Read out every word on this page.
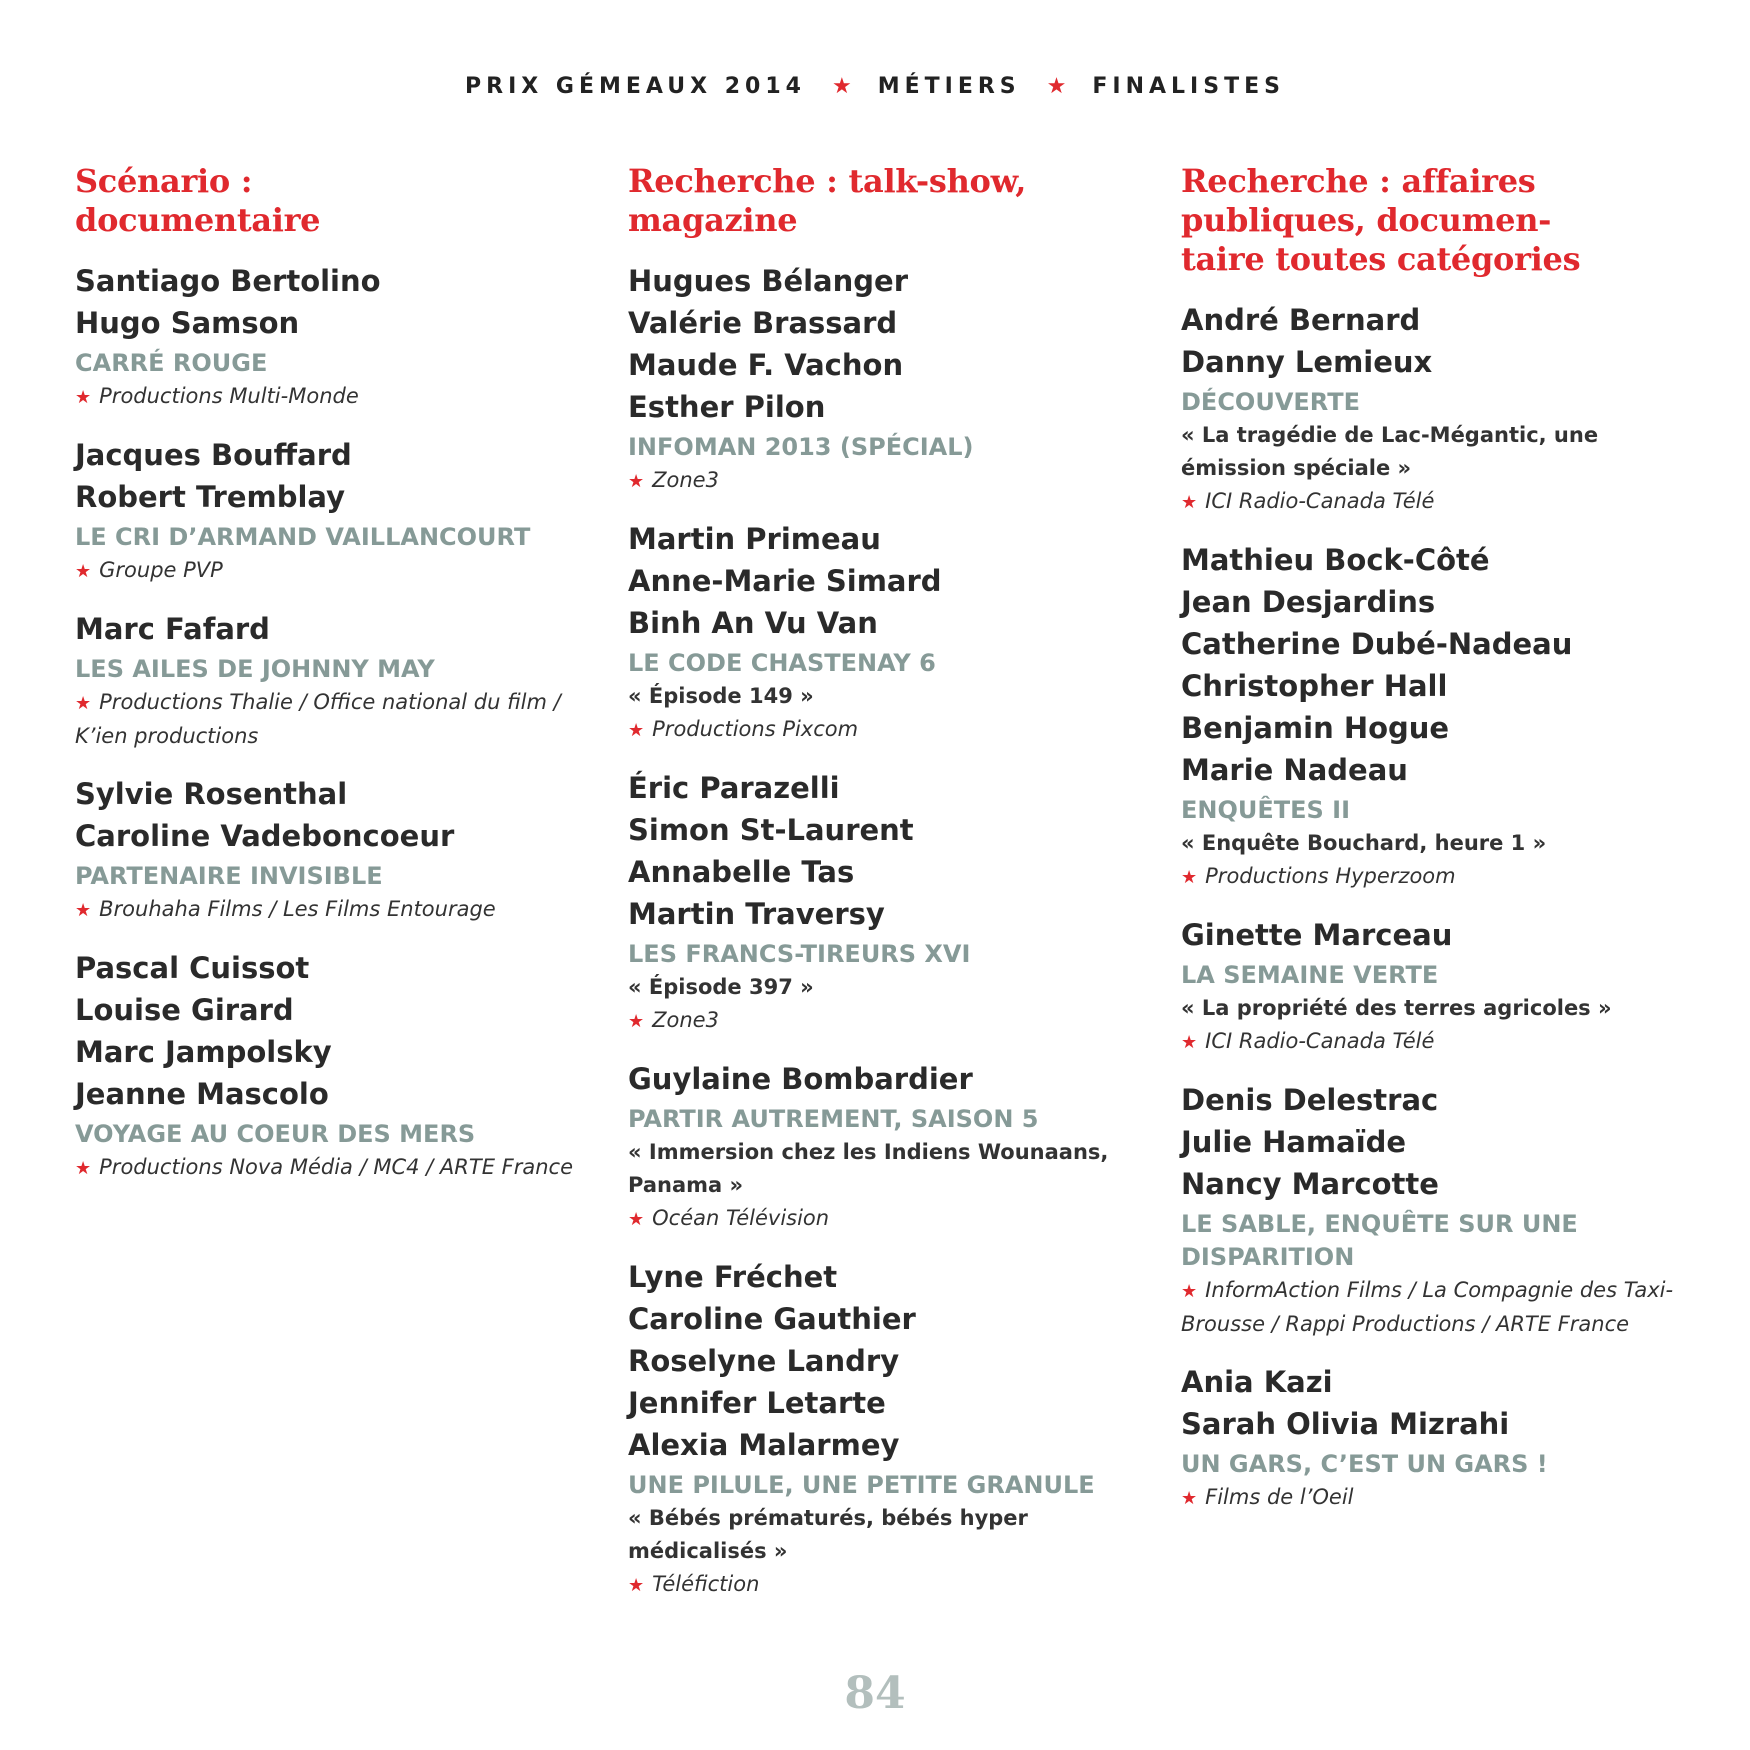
PRIX GÉMEAUX 2014 ★ MÉTIERS ★ FINALISTES
Scénario :
documentaire
Santiago Bertolino
Hugo Samson
CARRÉ ROUGE
★ Productions Multi-Monde
Jacques Bouffard
Robert Tremblay
LE CRI D’ARMAND VAILLANCOURT
★ Groupe PVP
Marc Fafard
LES AILES DE JOHNNY MAY
★ Productions Thalie / Office national du film /
K’ien productions
Sylvie Rosenthal
Caroline Vadeboncoeur
PARTENAIRE INVISIBLE
★ Brouhaha Films / Les Films Entourage
Pascal Cuissot
Louise Girard
Marc Jampolsky
Jeanne Mascolo
VOYAGE AU COEUR DES MERS
★ Productions Nova Média / MC4 / ARTE France
Recherche : talk-show,
magazine
Hugues Bélanger
Valérie Brassard
Maude F. Vachon
Esther Pilon
INFOMAN 2013 (SPÉCIAL)
★ Zone3
Martin Primeau
Anne-Marie Simard
Binh An Vu Van
LE CODE CHASTENAY 6
« Épisode 149 »
★ Productions Pixcom
Éric Parazelli
Simon St-Laurent
Annabelle Tas
Martin Traversy
LES FRANCS-TIREURS XVI
« Épisode 397 »
★ Zone3
Guylaine Bombardier
PARTIR AUTREMENT, SAISON 5
« Immersion chez les Indiens Wounaans,
Panama »
★ Océan Télévision
Lyne Fréchet
Caroline Gauthier
Roselyne Landry
Jennifer Letarte
Alexia Malarmey
UNE PILULE, UNE PETITE GRANULE
« Bébés prématurés, bébés hyper
médicalisés »
★ Téléfiction
Recherche : affaires
publiques, documen-
taire toutes catégories
André Bernard
Danny Lemieux
DÉCOUVERTE
« La tragédie de Lac-Mégantic, une
émission spéciale »
★ ICI Radio-Canada Télé
Mathieu Bock-Côté
Jean Desjardins
Catherine Dubé-Nadeau
Christopher Hall
Benjamin Hogue
Marie Nadeau
ENQUÊTES II
« Enquête Bouchard, heure 1 »
★ Productions Hyperzoom
Ginette Marceau
LA SEMAINE VERTE
« La propriété des terres agricoles »
★ ICI Radio-Canada Télé
Denis Delestrac
Julie Hamaïde
Nancy Marcotte
LE SABLE, ENQUÊTE SUR UNE DISPARITION
★ InformAction Films / La Compagnie des Taxi-
Brousse / Rappi Productions / ARTE France
Ania Kazi
Sarah Olivia Mizrahi
UN GARS, C’EST UN GARS !
★ Films de l’Oeil
84
